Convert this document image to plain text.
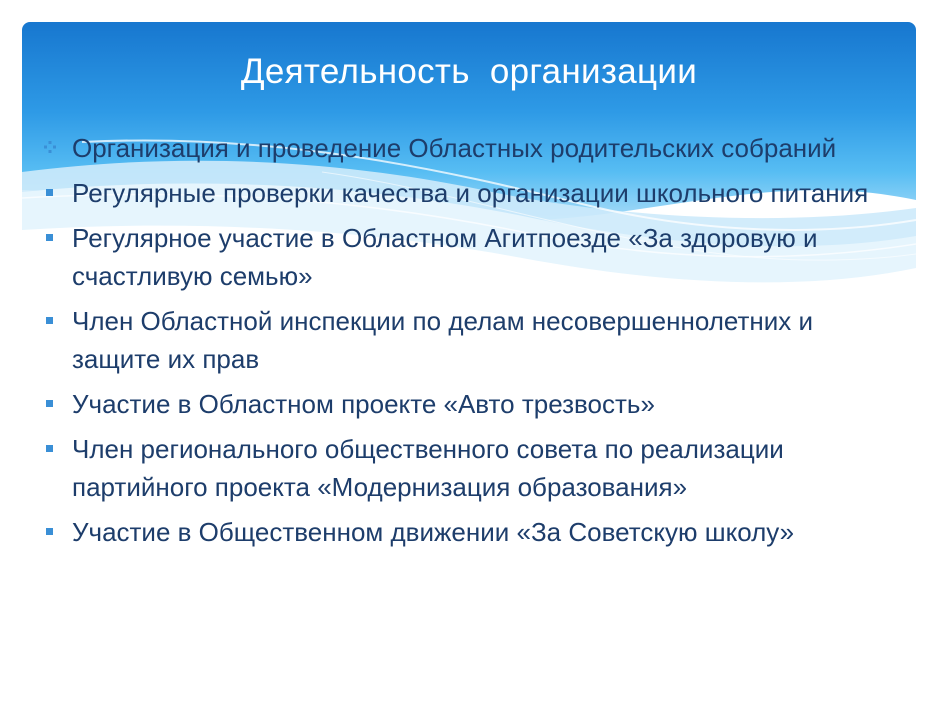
Деятельность  организации
Организация и проведение Областных родительских собраний
Регулярные проверки качества и организации школьного питания
Регулярное участие в Областном Агитпоезде «За здоровую и счастливую семью»
Член Областной инспекции по делам несовершеннолетних и защите их прав
Участие в Областном проекте «Авто трезвость»
Член регионального общественного совета по реализации партийного проекта «Модернизация образования»
Участие в Общественном движении «За Советскую школу»
